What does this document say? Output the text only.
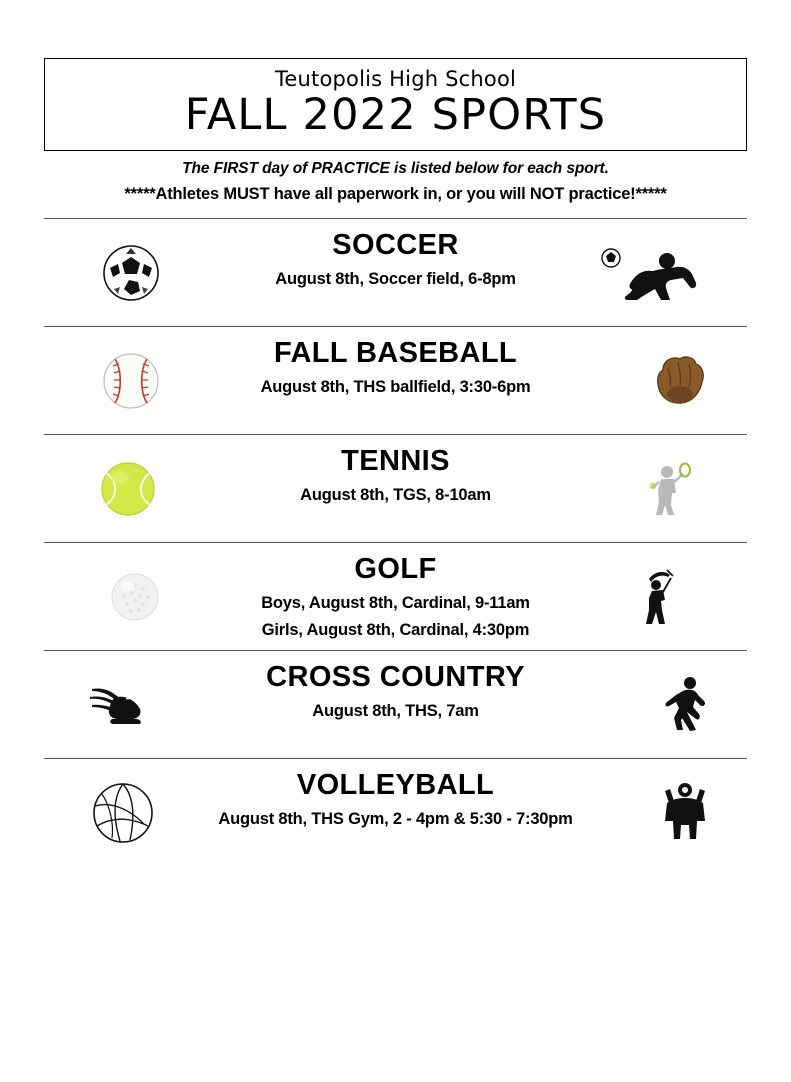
Teutopolis High School
FALL 2022 SPORTS
The FIRST day of PRACTICE is listed below for each sport.
*****Athletes MUST have all paperwork in, or you will NOT practice!*****
SOCCER
August 8th, Soccer field, 6-8pm
FALL BASEBALL
August 8th, THS ballfield, 3:30-6pm
TENNIS
August 8th, TGS, 8-10am
GOLF
Boys, August 8th, Cardinal, 9-11am
Girls, August 8th, Cardinal, 4:30pm
CROSS COUNTRY
August 8th, THS, 7am
VOLLEYBALL
August 8th, THS Gym, 2 - 4pm & 5:30 - 7:30pm
